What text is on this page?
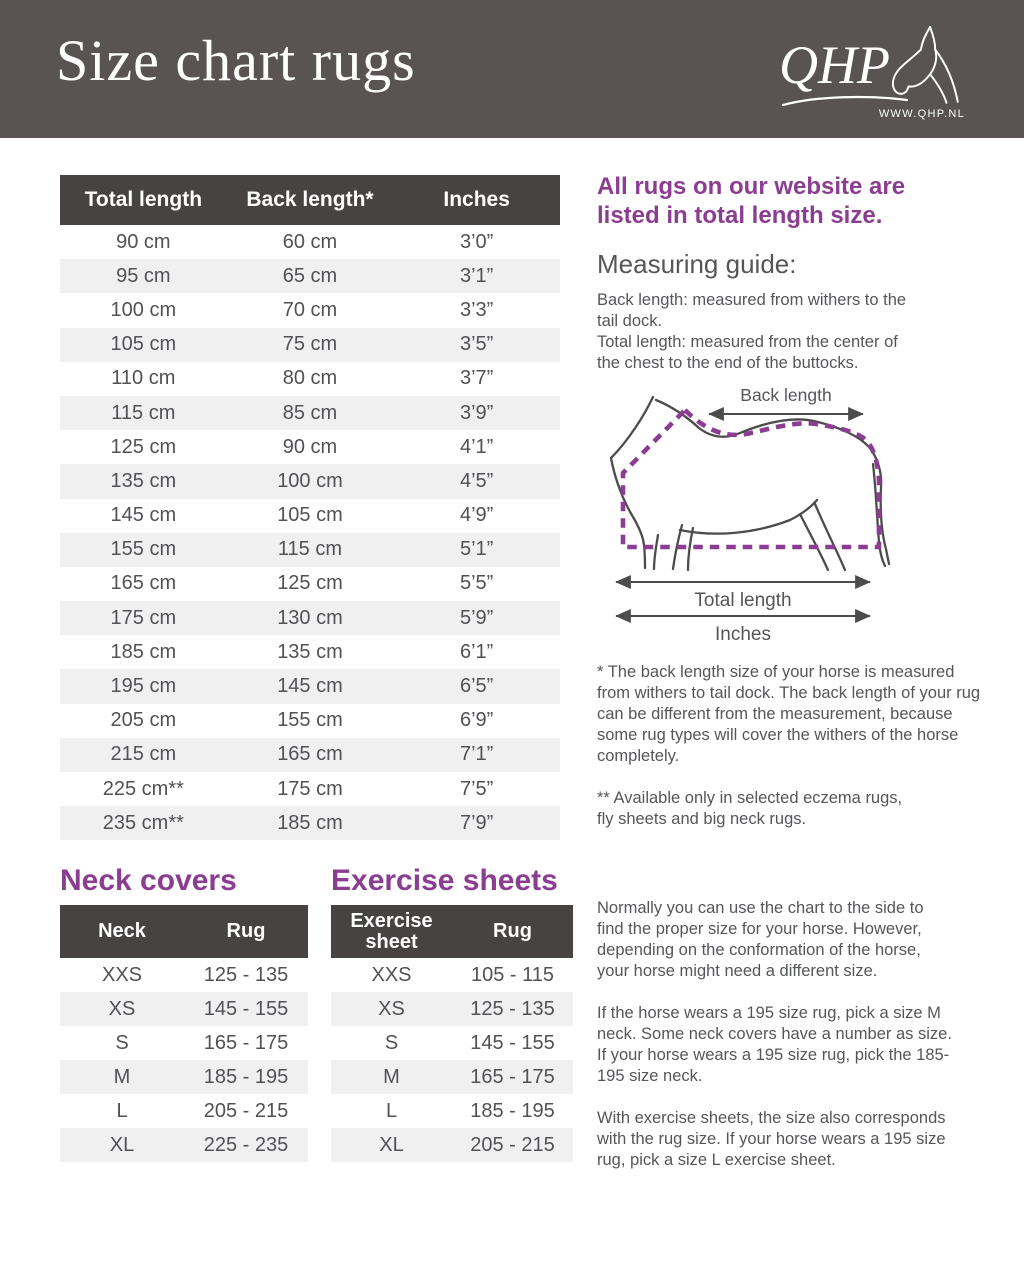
Size chart rugs	QHP
WWW.QHP.NL
Total length	Back length*	Inches
90 cm	60 cm	3’0”
95 cm	65 cm	3’1”
100 cm	70 cm	3’3”
105 cm	75 cm	3’5”
110 cm	80 cm	3’7”
115 cm	85 cm	3’9”
125 cm	90 cm	4’1”
135 cm	100 cm	4’5”
145 cm	105 cm	4’9”
155 cm	115 cm	5’1”
165 cm	125 cm	5’5”
175 cm	130 cm	5’9”
185 cm	135 cm	6’1”
195 cm	145 cm	6’5”
205 cm	155 cm	6’9”
215 cm	165 cm	7’1”
225 cm**	175 cm	7’5”
235 cm**	185 cm	7’9”
All rugs on our website are
listed in total length size.
Measuring guide:
Back length: measured from withers to the
tail dock.
Total length: measured from the center of
the chest to the end of the buttocks.
Back length
Total length
Inches
* The back length size of your horse is measured
from withers to tail dock. The back length of your rug
can be different from the measurement, because
some rug types will cover the withers of the horse
completely.
** Available only in selected eczema rugs,
fly sheets and big neck rugs.
Neck covers
Neck	Rug
XXS	125 - 135
XS	145 - 155
S	165 - 175
M	185 - 195
L	205 - 215
XL	225 - 235
Exercise sheets
Exercise sheet	Rug
XXS	105 - 115
XS	125 - 135
S	145 - 155
M	165 - 175
L	185 - 195
XL	205 - 215
Normally you can use the chart to the side to
find the proper size for your horse. However,
depending on the conformation of the horse,
your horse might need a different size.
If the horse wears a 195 size rug, pick a size M
neck. Some neck covers have a number as size.
If your horse wears a 195 size rug, pick the 185-
195 size neck.
With exercise sheets, the size also corresponds
with the rug size. If your horse wears a 195 size
rug, pick a size L exercise sheet.
